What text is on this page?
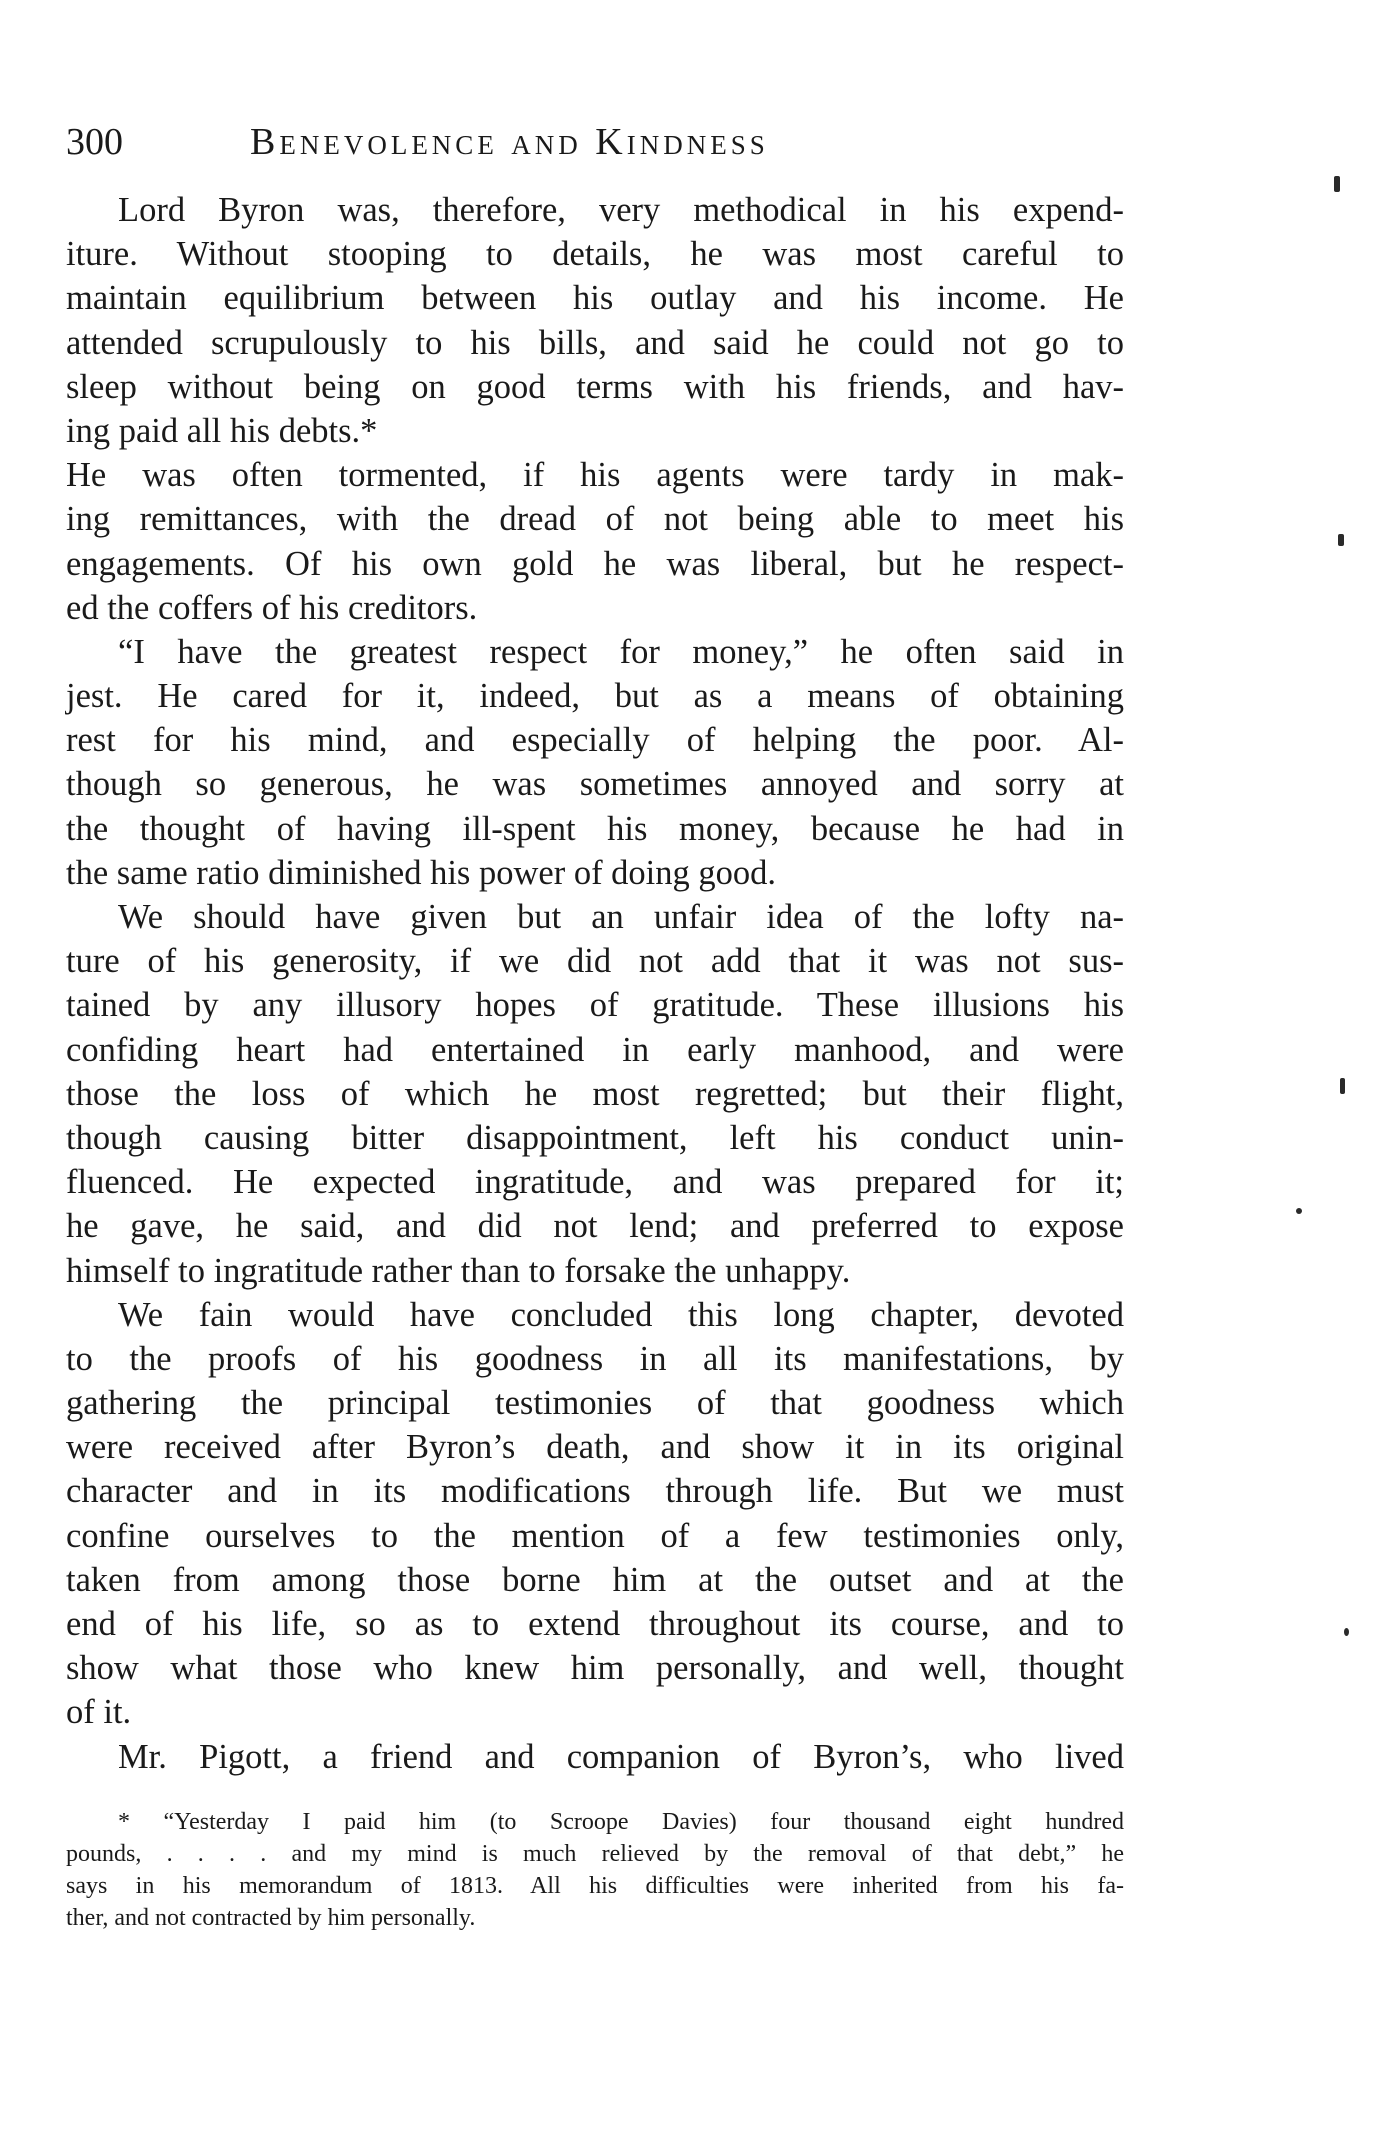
300	Benevolence and Kindness
Lord Byron was, therefore, very methodical in his expend-
iture. Without stooping to details, he was most careful to
maintain equilibrium between his outlay and his income. He
attended scrupulously to his bills, and said he could not go to
sleep without being on good terms with his friends, and hav-
ing paid all his debts.*
He was often tormented, if his agents were tardy in mak-
ing remittances, with the dread of not being able to meet his
engagements. Of his own gold he was liberal, but he respect-
ed the coffers of his creditors.
“I have the greatest respect for money,” he often said in
jest. He cared for it, indeed, but as a means of obtaining
rest for his mind, and especially of helping the poor. Al-
though so generous, he was sometimes annoyed and sorry at
the thought of having ill-spent his money, because he had in
the same ratio diminished his power of doing good.
We should have given but an unfair idea of the lofty na-
ture of his generosity, if we did not add that it was not sus-
tained by any illusory hopes of gratitude. These illusions his
confiding heart had entertained in early manhood, and were
those the loss of which he most regretted; but their flight,
though causing bitter disappointment, left his conduct unin-
fluenced. He expected ingratitude, and was prepared for it;
he gave, he said, and did not lend; and preferred to expose
himself to ingratitude rather than to forsake the unhappy.
We fain would have concluded this long chapter, devoted
to the proofs of his goodness in all its manifestations, by
gathering the principal testimonies of that goodness which
were received after Byron’s death, and show it in its original
character and in its modifications through life. But we must
confine ourselves to the mention of a few testimonies only,
taken from among those borne him at the outset and at the
end of his life, so as to extend throughout its course, and to
show what those who knew him personally, and well, thought
of it.
Mr. Pigott, a friend and companion of Byron’s, who lived
* “Yesterday I paid him (to Scroope Davies) four thousand eight hundred
pounds, . . . . and my mind is much relieved by the removal of that debt,” he
says in his memorandum of 1813. All his difficulties were inherited from his fa-
ther, and not contracted by him personally.
